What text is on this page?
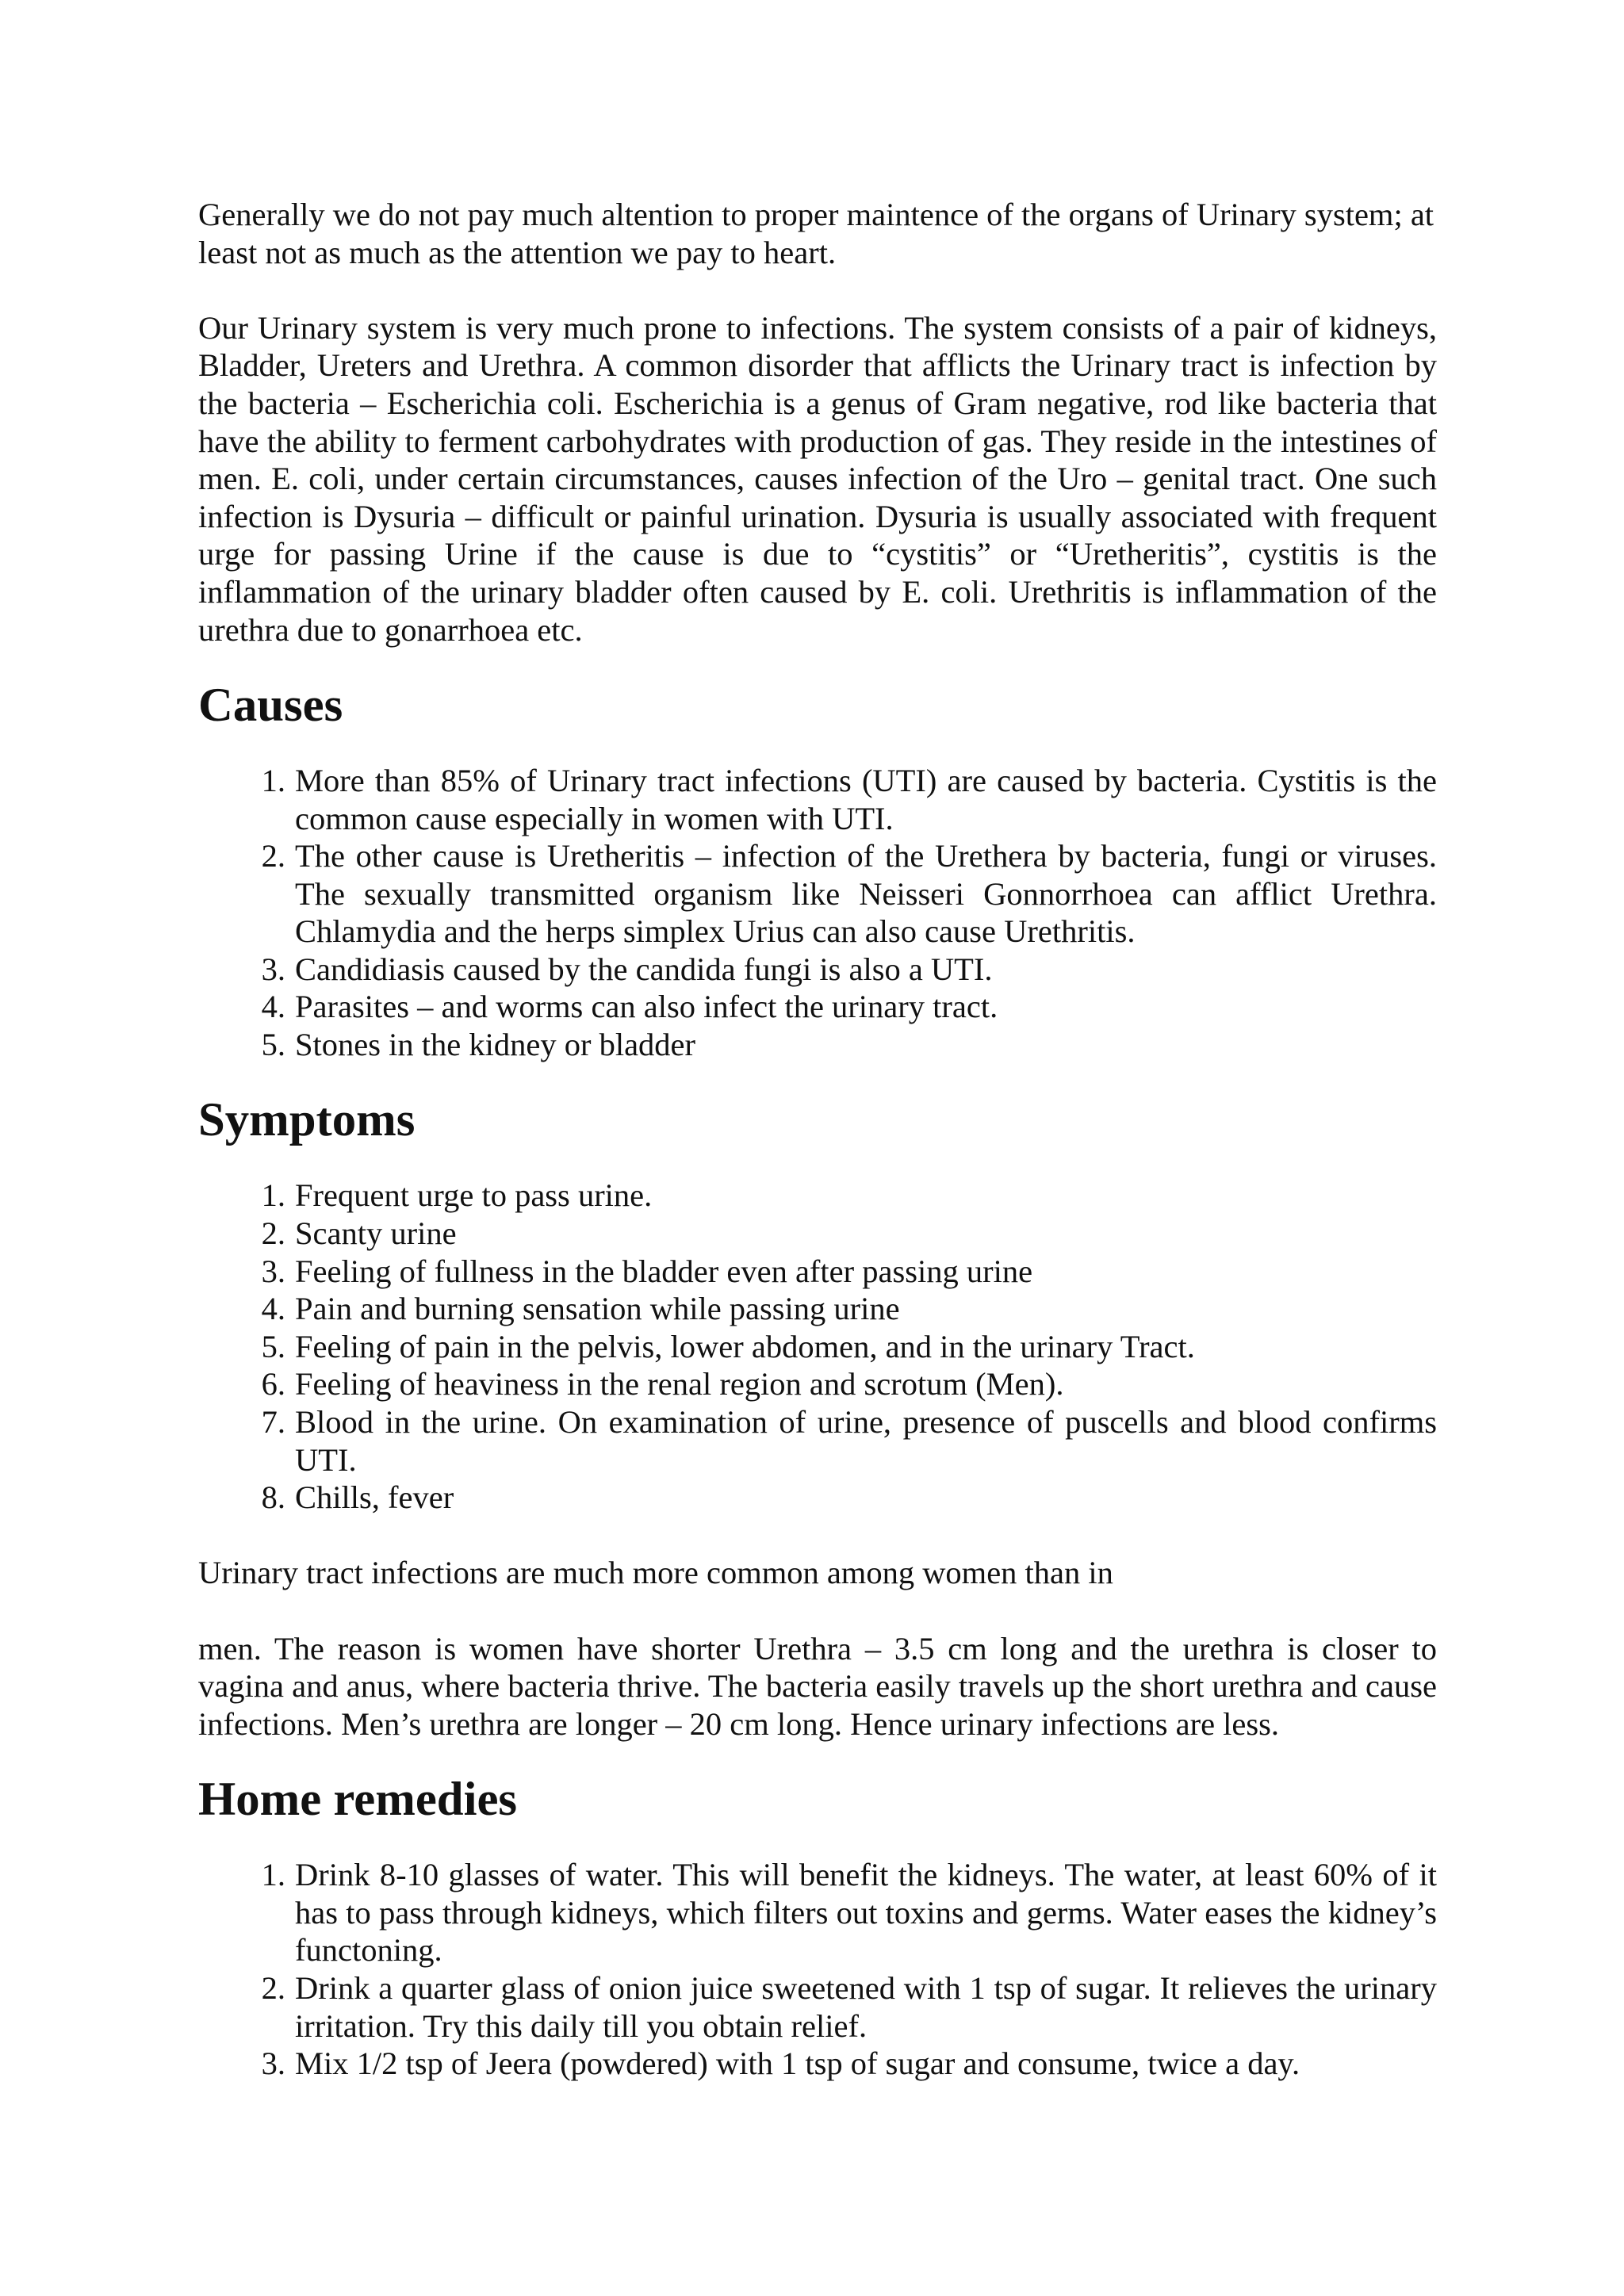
Generally we do not pay much altention to proper maintence of the organs of Urinary system; at least not as much as the attention we pay to heart.

Our Urinary system is very much prone to infections. The system consists of a pair of kidneys, Bladder, Ureters and Urethra. A common disorder that afflicts the Urinary tract is infection by the bacteria – Escherichia coli. Escherichia is a genus of Gram negative, rod like bacteria that have the ability to ferment carbohydrates with production of gas. They reside in the intestines of men. E. coli, under certain circumstances, causes infection of the Uro – genital tract. One such infection is Dysuria – difficult or painful urination. Dysuria is usually associated with frequent urge for passing Urine if the cause is due to “cystitis” or “Uretheritis”, cystitis is the inflammation of the urinary bladder often caused by E. coli. Urethritis is inflammation of the urethra due to gonarrhoea etc.

Causes
1. More than 85% of Urinary tract infections (UTI) are caused by bacteria. Cystitis is the common cause especially in women with UTI.
2. The other cause is Uretheritis – infection of the Urethera by bacteria, fungi or viruses. The sexually transmitted organism like Neisseri Gonnorrhoea can afflict Urethra. Chlamydia and the herps simplex Urius can also cause Urethritis.
3. Candidiasis caused by the candida fungi is also a UTI.
4. Parasites – and worms can also infect the urinary tract.
5. Stones in the kidney or bladder
Symptoms
1. Frequent urge to pass urine.
2. Scanty urine
3. Feeling of fullness in the bladder even after passing urine
4. Pain and burning sensation while passing urine
5. Feeling of pain in the pelvis, lower abdomen, and in the urinary Tract.
6. Feeling of heaviness in the renal region and scrotum (Men).
7. Blood in the urine. On examination of urine, presence of puscells and blood confirms UTI.
8. Chills, fever

Urinary tract infections are much more common among women than in

men. The reason is women have shorter Urethra – 3.5 cm long and the urethra is closer to vagina and anus, where bacteria thrive. The bacteria easily travels up the short urethra and cause infections. Men’s urethra are longer – 20 cm long. Hence urinary infections are less.

Home remedies
1. Drink 8-10 glasses of water. This will benefit the kidneys. The water, at least 60% of it has to pass through kidneys, which filters out toxins and germs. Water eases the kidney’s functoning.
2. Drink a quarter glass of onion juice sweetened with 1 tsp of sugar. It relieves the urinary irritation. Try this daily till you obtain relief.
3. Mix 1/2 tsp of Jeera (powdered) with 1 tsp of sugar and consume, twice a day.
